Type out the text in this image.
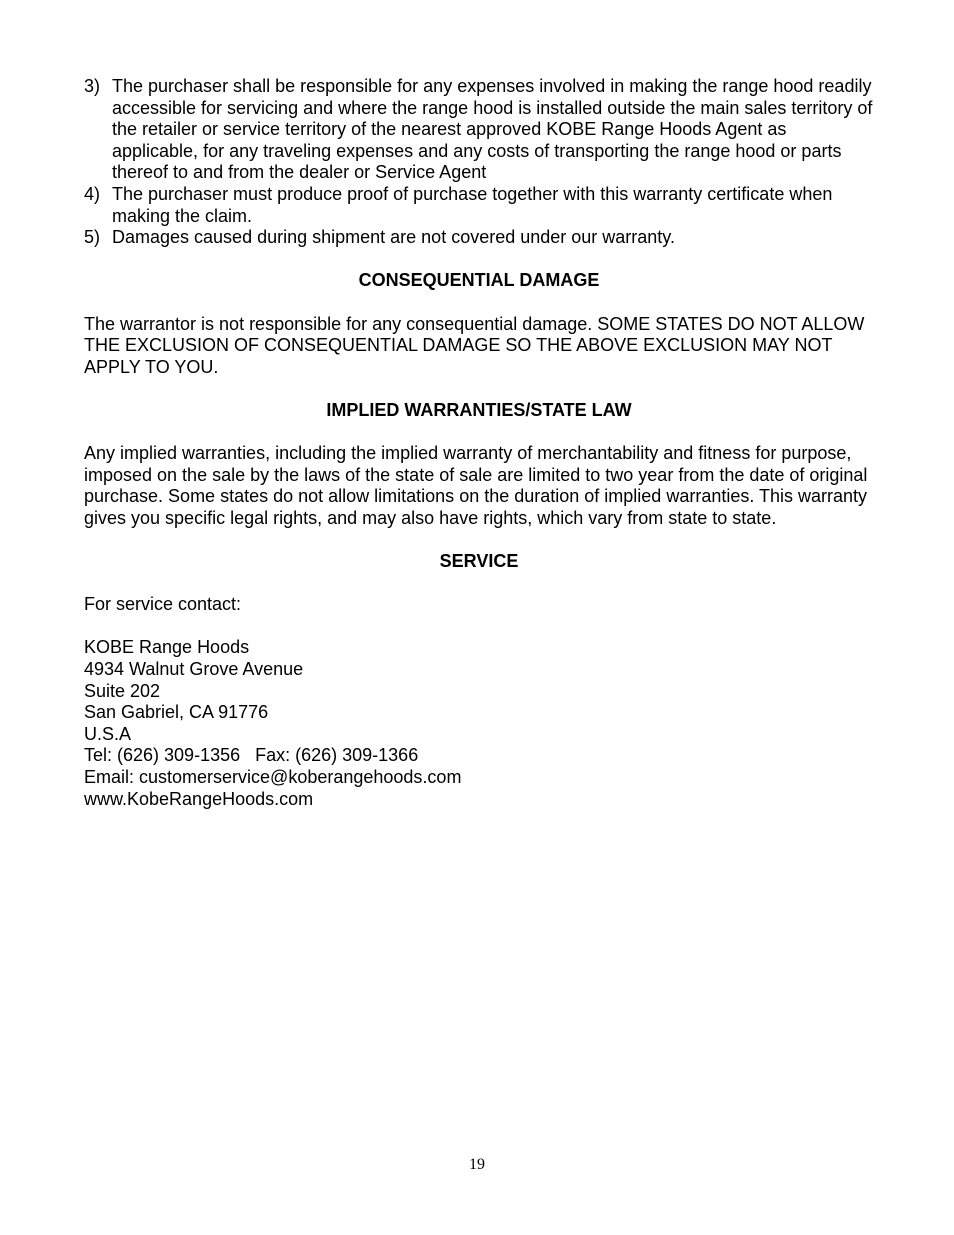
3) The purchaser shall be responsible for any expenses involved in making the range hood readily accessible for servicing and where the range hood is installed outside the main sales territory of the retailer or service territory of the nearest approved KOBE Range Hoods Agent as applicable, for any traveling expenses and any costs of transporting the range hood or parts thereof to and from the dealer or Service Agent
4) The purchaser must produce proof of purchase together with this warranty certificate when making the claim.
5) Damages caused during shipment are not covered under our warranty.
CONSEQUENTIAL DAMAGE

The warrantor is not responsible for any consequential damage. SOME STATES DO NOT ALLOW THE EXCLUSION OF CONSEQUENTIAL DAMAGE SO THE ABOVE EXCLUSION MAY NOT APPLY TO YOU.

IMPLIED WARRANTIES/STATE LAW

Any implied warranties, including the implied warranty of merchantability and fitness for purpose, imposed on the sale by the laws of the state of sale are limited to two year from the date of original purchase. Some states do not allow limitations on the duration of implied warranties. This warranty gives you specific legal rights, and may also have rights, which vary from state to state.

SERVICE

For service contact:

KOBE Range Hoods
4934 Walnut Grove Avenue
Suite 202
San Gabriel, CA 91776
U.S.A
Tel: (626) 309-1356   Fax: (626) 309-1366
Email: customerservice@koberangehoods.com
www.KobeRangeHoods.com
19
